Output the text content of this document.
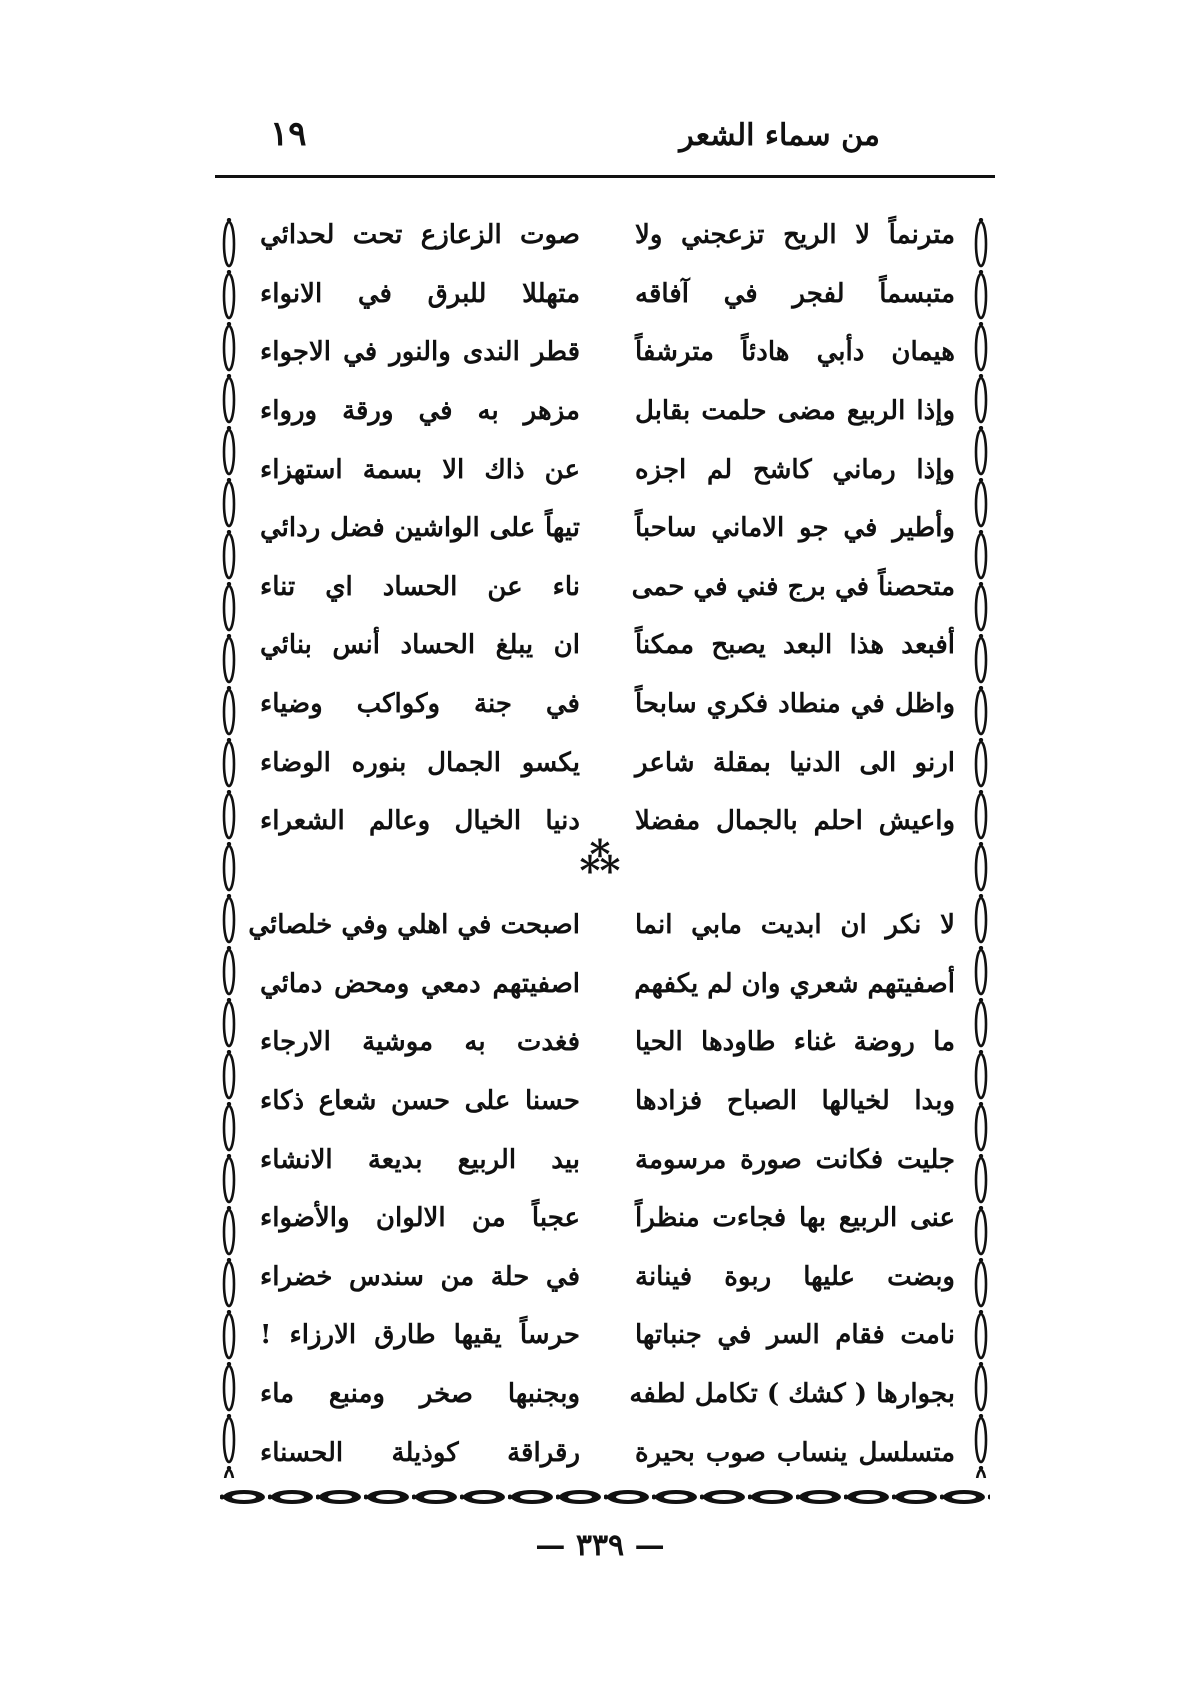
من سماء الشعر
١٩
مترنماً لا الريح تزعجني ولا
صوت الزعازع تحت لحدائي
متبسماً لفجر في آفاقه
متهللا للبرق في الانواء
هيمان دأبي هادئاً مترشفاً
قطر الندى والنور في الاجواء
وإذا الربيع مضى حلمت بقابل
مزهر به في ورقة ورواء
وإذا رماني كاشح لم اجزه
عن ذاك الا بسمة استهزاء
وأطير في جو الاماني ساحباً
تيهاً على الواشين فضل ردائي
متحصناً في برج فني في حمى
ناء عن الحساد اي تناء
أفبعد هذا البعد يصبح ممكناً
ان يبلغ الحساد أنس بنائي
واظل في منطاد فكري سابحاً
في جنة وكواكب وضياء
ارنو الى الدنيا بمقلة شاعر
يكسو الجمال بنوره الوضاء
واعيش احلم بالجمال مفضلا
دنيا الخيال وعالم الشعراء
⁂
لا نكر ان ابديت مابي انما
اصبحت في اهلي وفي خلصائي
أصفيتهم شعري وان لم يكفهم
اصفيتهم دمعي ومحض دمائي
ما روضة غناء طاودها الحيا
فغدت به موشية الارجاء
وبدا لخيالها الصباح فزادها
حسنا على حسن شعاع ذكاء
جليت فكانت صورة مرسومة
بيد الربيع بديعة الانشاء
عنى الربيع بها فجاءت منظراً
عجباً من الالوان والأضواء
وبضت عليها ربوة فينانة
في حلة من سندس خضراء
نامت فقام السر في جنباتها
حرساً يقيها طارق الارزاء !
بجوارها ( كشك ) تكامل لطفه
وبجنبها صخر ومنبع ماء
متسلسل ينساب صوب بحيرة
رقراقة كوذيلة الحسناء
— ٣٣٩ —
